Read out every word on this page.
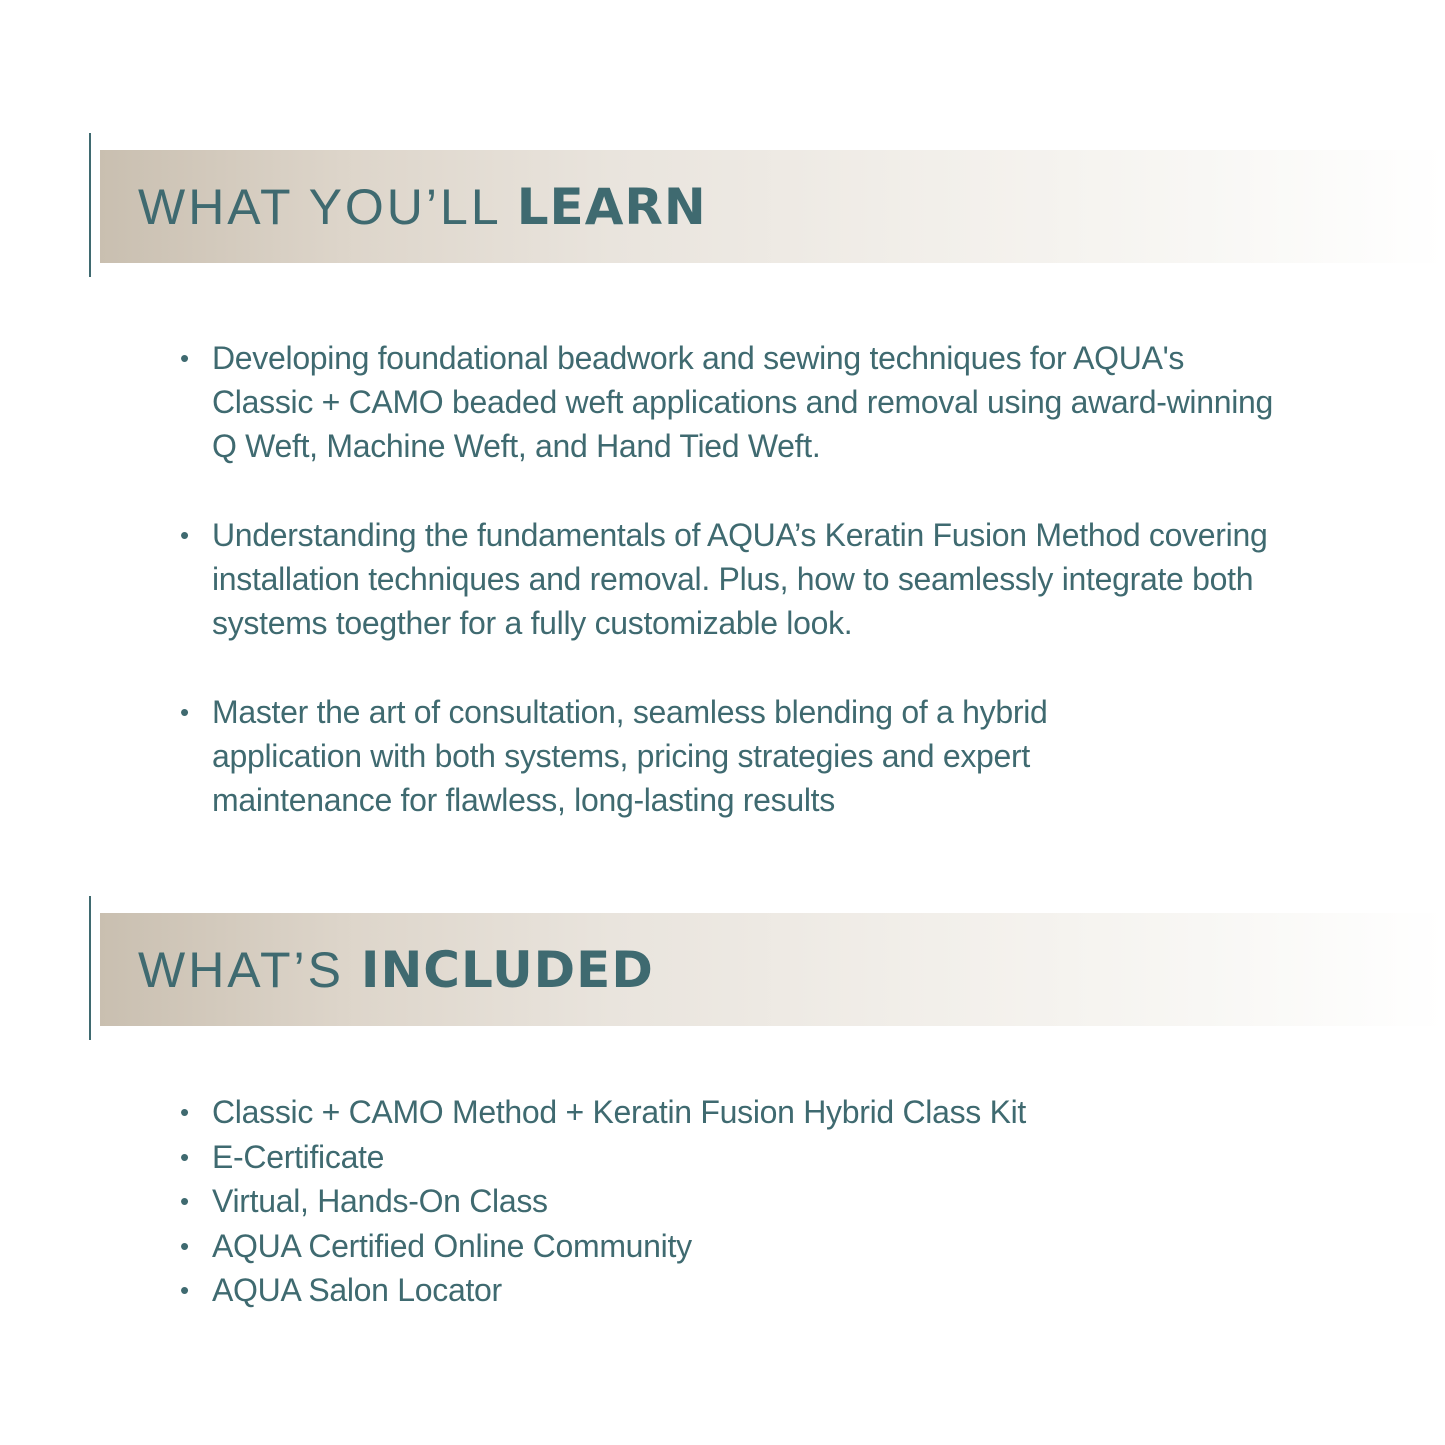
WHAT YOU’LL LEARN
• Developing foundational beadwork and sewing techniques for AQUA's Classic + CAMO beaded weft applications and removal using award-winning Q Weft, Machine Weft, and Hand Tied Weft.
• Understanding the fundamentals of AQUA’s Keratin Fusion Method covering installation techniques and removal. Plus, how to seamlessly integrate both systems toegther for a fully customizable look.
• Master the art of consultation, seamless blending of a hybrid application with both systems, pricing strategies and expert maintenance for flawless, long-lasting results
WHAT’S INCLUDED
• Classic + CAMO Method + Keratin Fusion Hybrid Class Kit
• E-Certificate
• Virtual, Hands-On Class
• AQUA Certified Online Community
• AQUA Salon Locator
